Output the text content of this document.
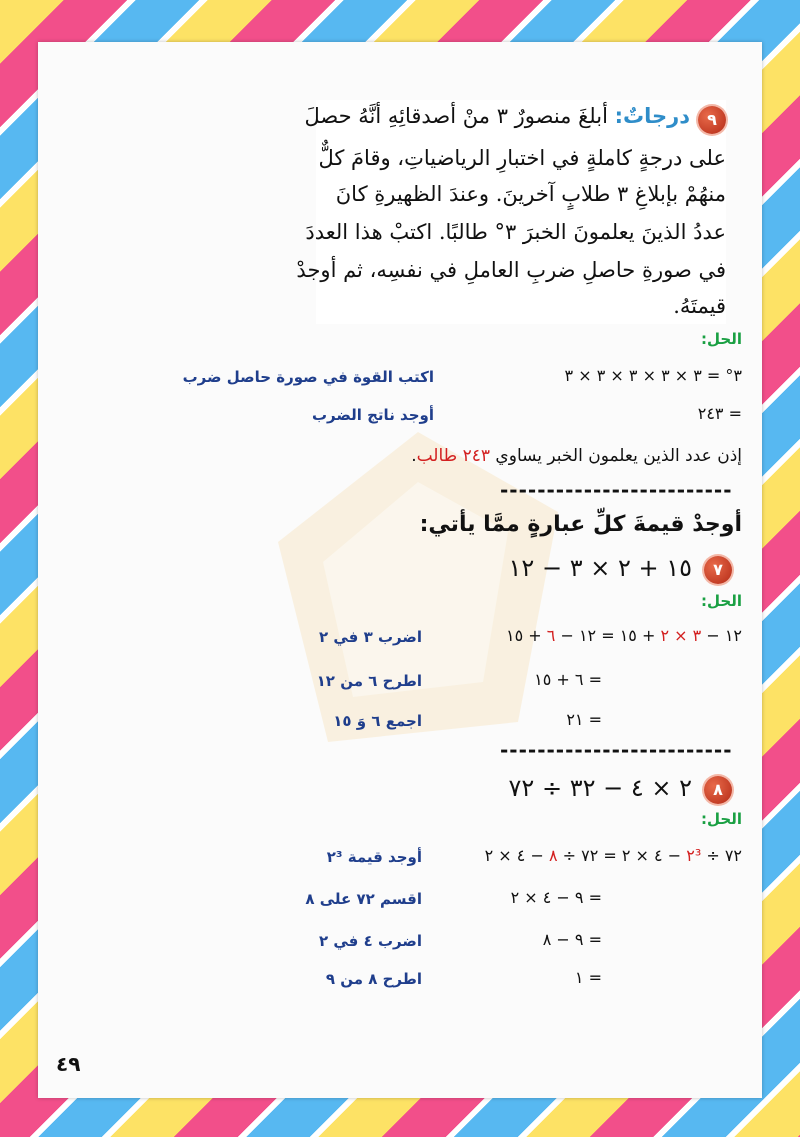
٩
درجاتٌ: أبلغَ منصورٌ ٣ منْ أصدقائِهِ أنَّهُ حصلَ
على درجةٍ كاملةٍ في اختبارِ الرياضياتِ، وقامَ كلٌّ
منهُمْ بإبلاغِ ٣ طلابٍ آخرينَ. وعندَ الظهيرةِ كانَ
عددُ الذينَ يعلمونَ الخبرَ ٣° طالبًا. اكتبْ هذا العددَ
في صورةِ حاصلِ ضربِ العاملِ في نفسِه، ثم أوجدْ
قيمتَهُ.
الحل:
٣° = ٣ × ٣ × ٣ × ٣ × ٣
اكتب القوة في صورة حاصل ضرب
= ٢٤٣
أوجد ناتج الضرب
إذن عدد الذين يعلمون الخبر يساوي ٢٤٣ طالب.
-------------------------
أوجدْ قيمةَ كلِّ عبارةٍ ممَّا يأتي:
٧
١٥ + ٢ × ٣ − ١٢
الحل:
١٢ − ٣ × ٢ + ١٥ = ١٢ − ٦ + ١٥
اضرب ٣ في ٢
= ٦ + ١٥
اطرح ٦ من ١٢
= ٢١
اجمع ٦ وَ ١٥
-------------------------
٨
٢ × ٤ − ٣٢ ÷ ٧٢
الحل:
٧٢ ÷ ٢³ − ٤ × ٢ = ٧٢ ÷ ٨ − ٤ × ٢
أوجد قيمة ٢³
= ٩ − ٤ × ٢
اقسم ٧٢ على ٨
= ٩ − ٨
اضرب ٤ في ٢
= ١
اطرح ٨ من ٩
٤٩
